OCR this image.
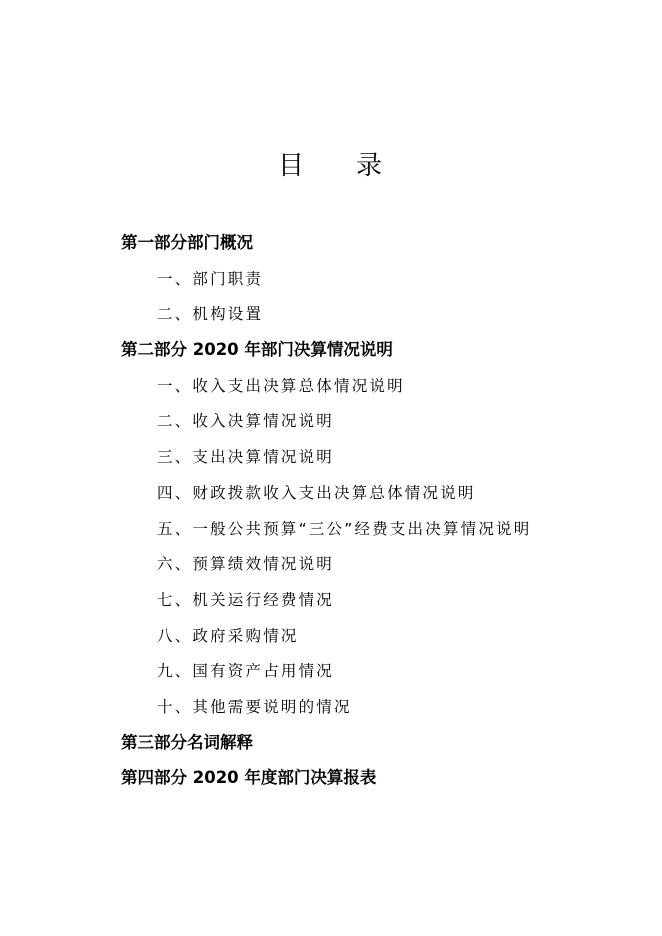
目 录
第一部分部门概况
一、部门职责
二、机构设置
第二部分 2020 年部门决算情况说明
一、收入支出决算总体情况说明
二、收入决算情况说明
三、支出决算情况说明
四、财政拨款收入支出决算总体情况说明
五、一般公共预算“三公”经费支出决算情况说明
六、预算绩效情况说明
七、机关运行经费情况
八、政府采购情况
九、国有资产占用情况
十、其他需要说明的情况
第三部分名词解释
第四部分 2020 年度部门决算报表
